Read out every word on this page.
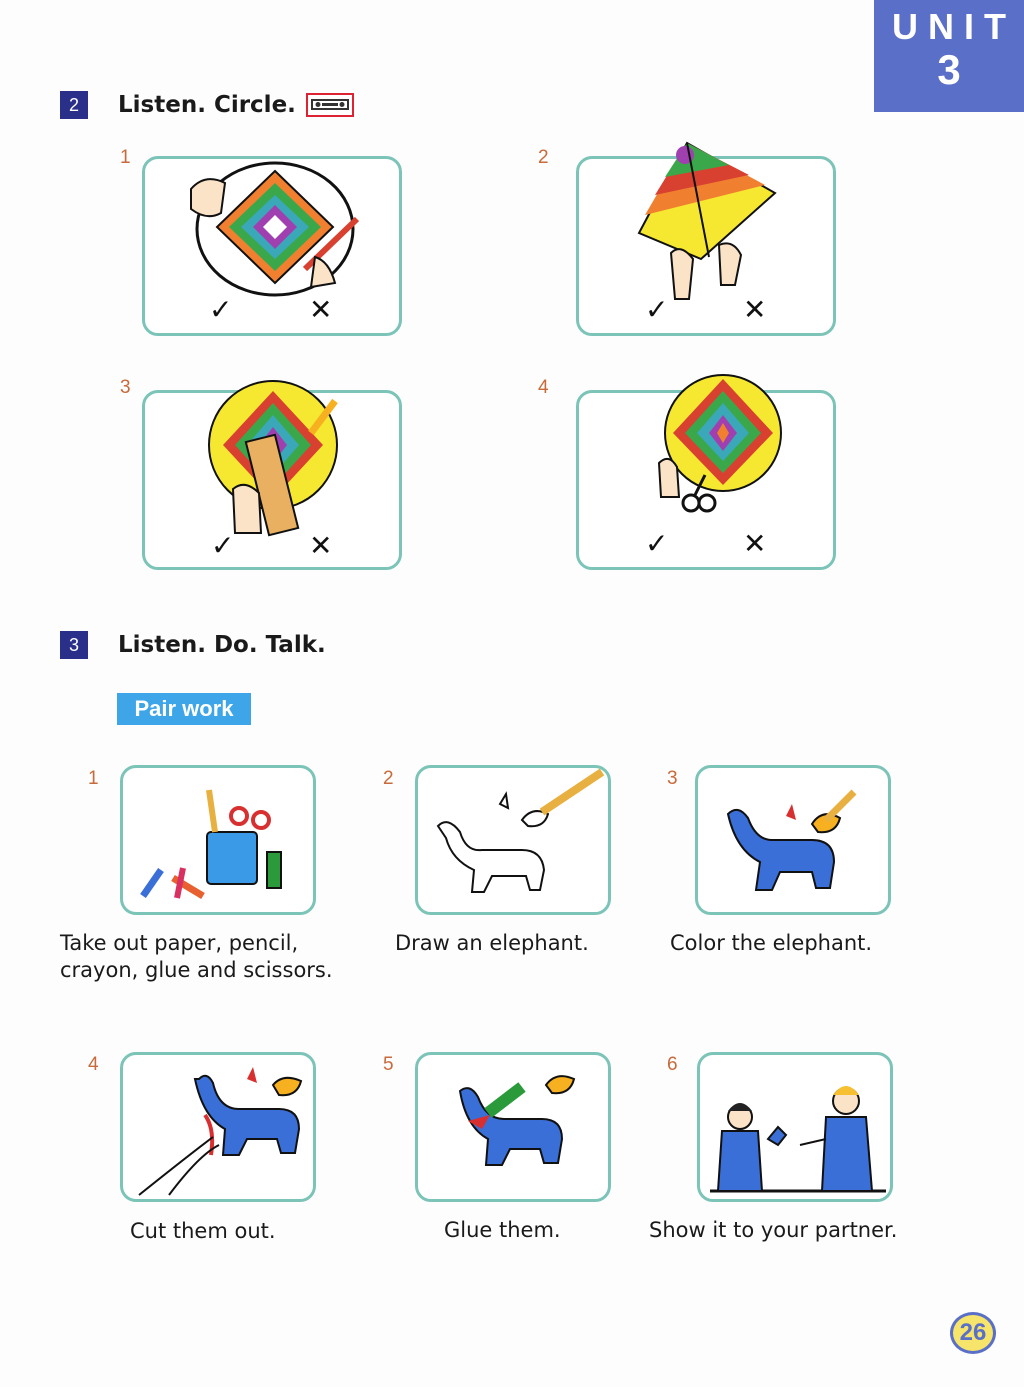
UNIT
3
2	Listen. Circle.
1
✓	✕
2
✓	✕
3
✓	✕
4
✓	✕
3	Listen. Do. Talk.
Pair work
1
Take out paper, pencil,
crayon, glue and scissors.
2
Draw an elephant.
3
Color the elephant.
4
Cut them out.
5
Glue them.
6
Show it to your partner.
26
